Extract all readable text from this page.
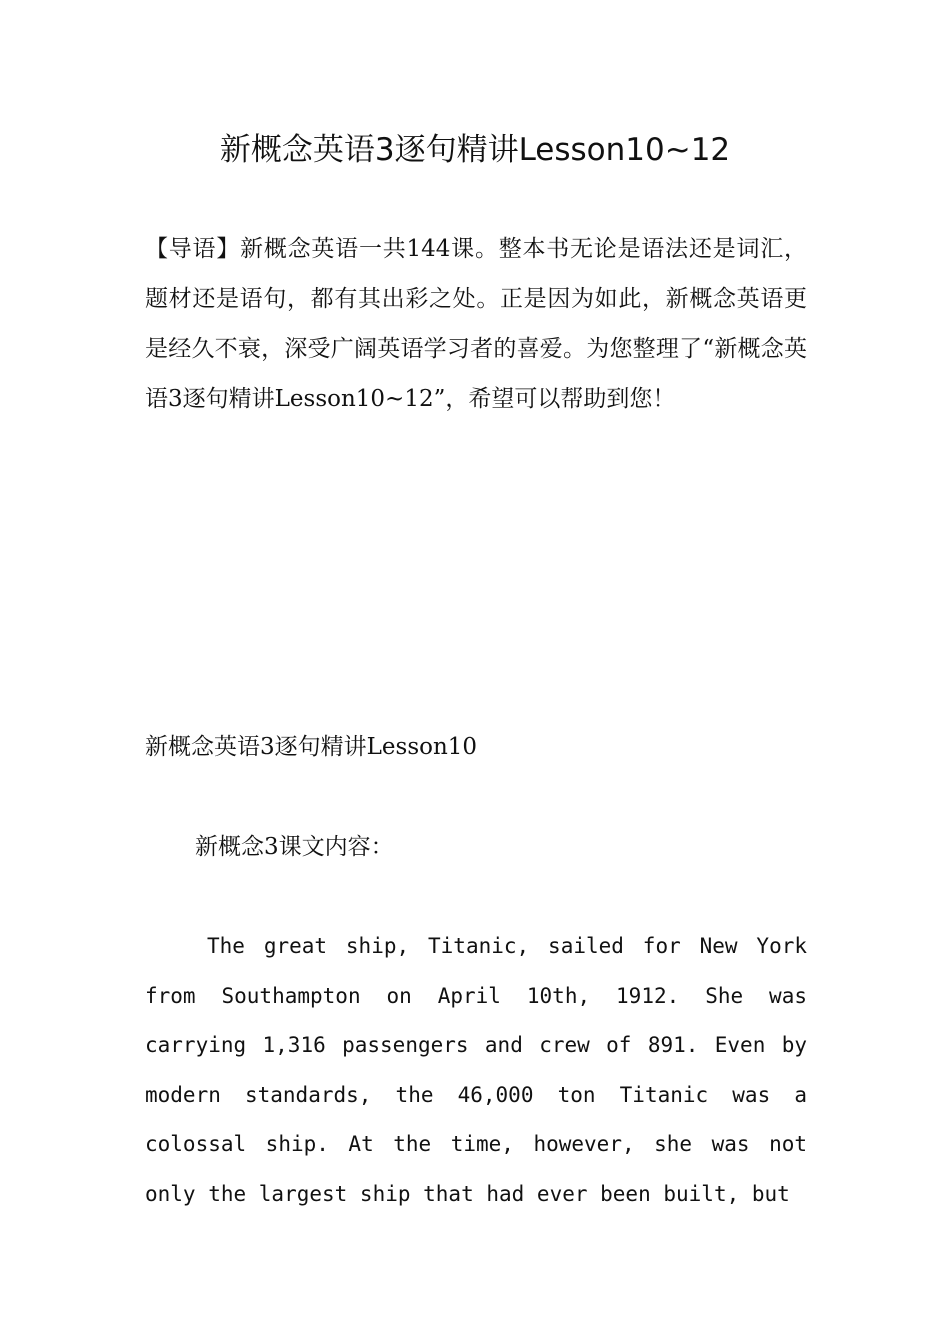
新概念英语3逐句精讲Lesson10~12

【导语】新概念英语一共144课。整本书无论是语法还是词汇，题材还是语句，都有其出彩之处。正是因为如此，新概念英语更是经久不衰，深受广阔英语学习者的喜爱。为您整理了“新概念英语3逐句精讲Lesson10~12”，希望可以帮助到您！

新概念英语3逐句精讲Lesson10

新概念3课文内容：

The great ship, Titanic, sailed for New York from Southampton on April 10th, 1912. She was carrying 1,316 passengers and crew of 891. Even by modern standards, the 46,000 ton Titanic was a colossal ship. At the time, however, she was not only the largest ship that had ever been built, but
